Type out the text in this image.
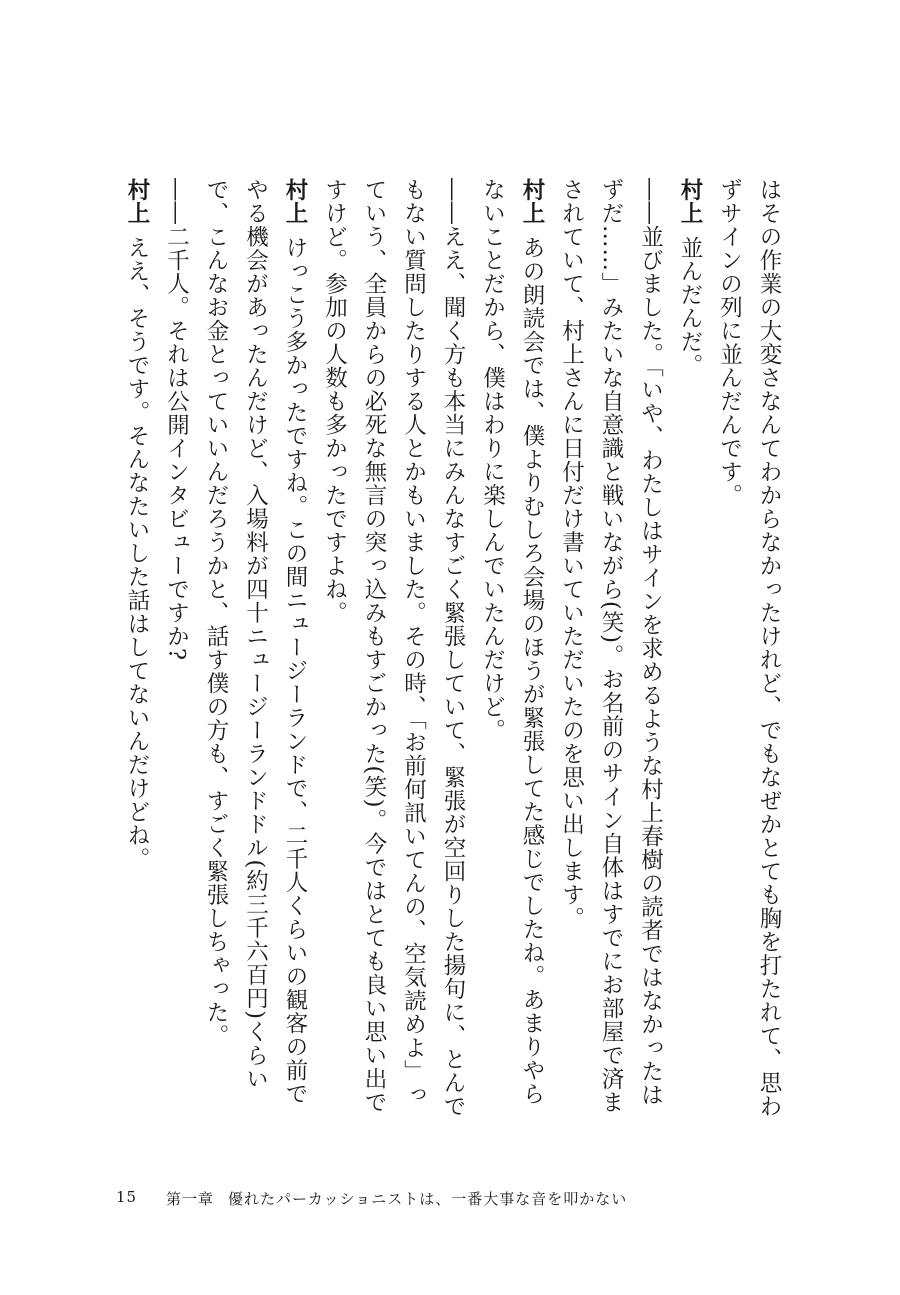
はその作業の大変さなんてわからなかったけれど、でもなぜかとても胸を打たれて、思わずサインの列に並んだんです。

村上並んだんだ。

――並びました。「いや、わたしはサインを求めるような村上春樹の読者ではなかったはずだ……」みたいな自意識と戦いながら(笑)。お名前のサイン自体はすでにお部屋で済まされていて、村上さんに日付だけ書いていただいたのを思い出します。

村上あの朗読会では、僕よりむしろ会場のほうが緊張してた感じでしたね。あまりやらないことだから、僕はわりに楽しんでいたんだけど。

――ええ、聞く方も本当にみんなすごく緊張していて、緊張が空回りした揚句に、とんでもない質問したりする人とかもいました。その時、「お前何訊いてんの、空気読めよ」っていう、全員からの必死な無言の突っ込みもすごかった(笑)。今ではとても良い思い出ですけど。参加の人数も多かったですよね。

村上けっこう多かったですね。この間ニュージーランドで、二千人くらいの観客の前でやる機会があったんだけど、入場料が四十ニュージーランドドル(約三千六百円)くらいで、こんなお金とっていいんだろうかと、話す僕の方も、すごく緊張しちゃった。

――二千人。それは公開インタビューですか?

村上ええ、そうです。そんなたいした話はしてないんだけどね。

15 第一章 優れたパーカッショニストは、一番大事な音を叩かない
